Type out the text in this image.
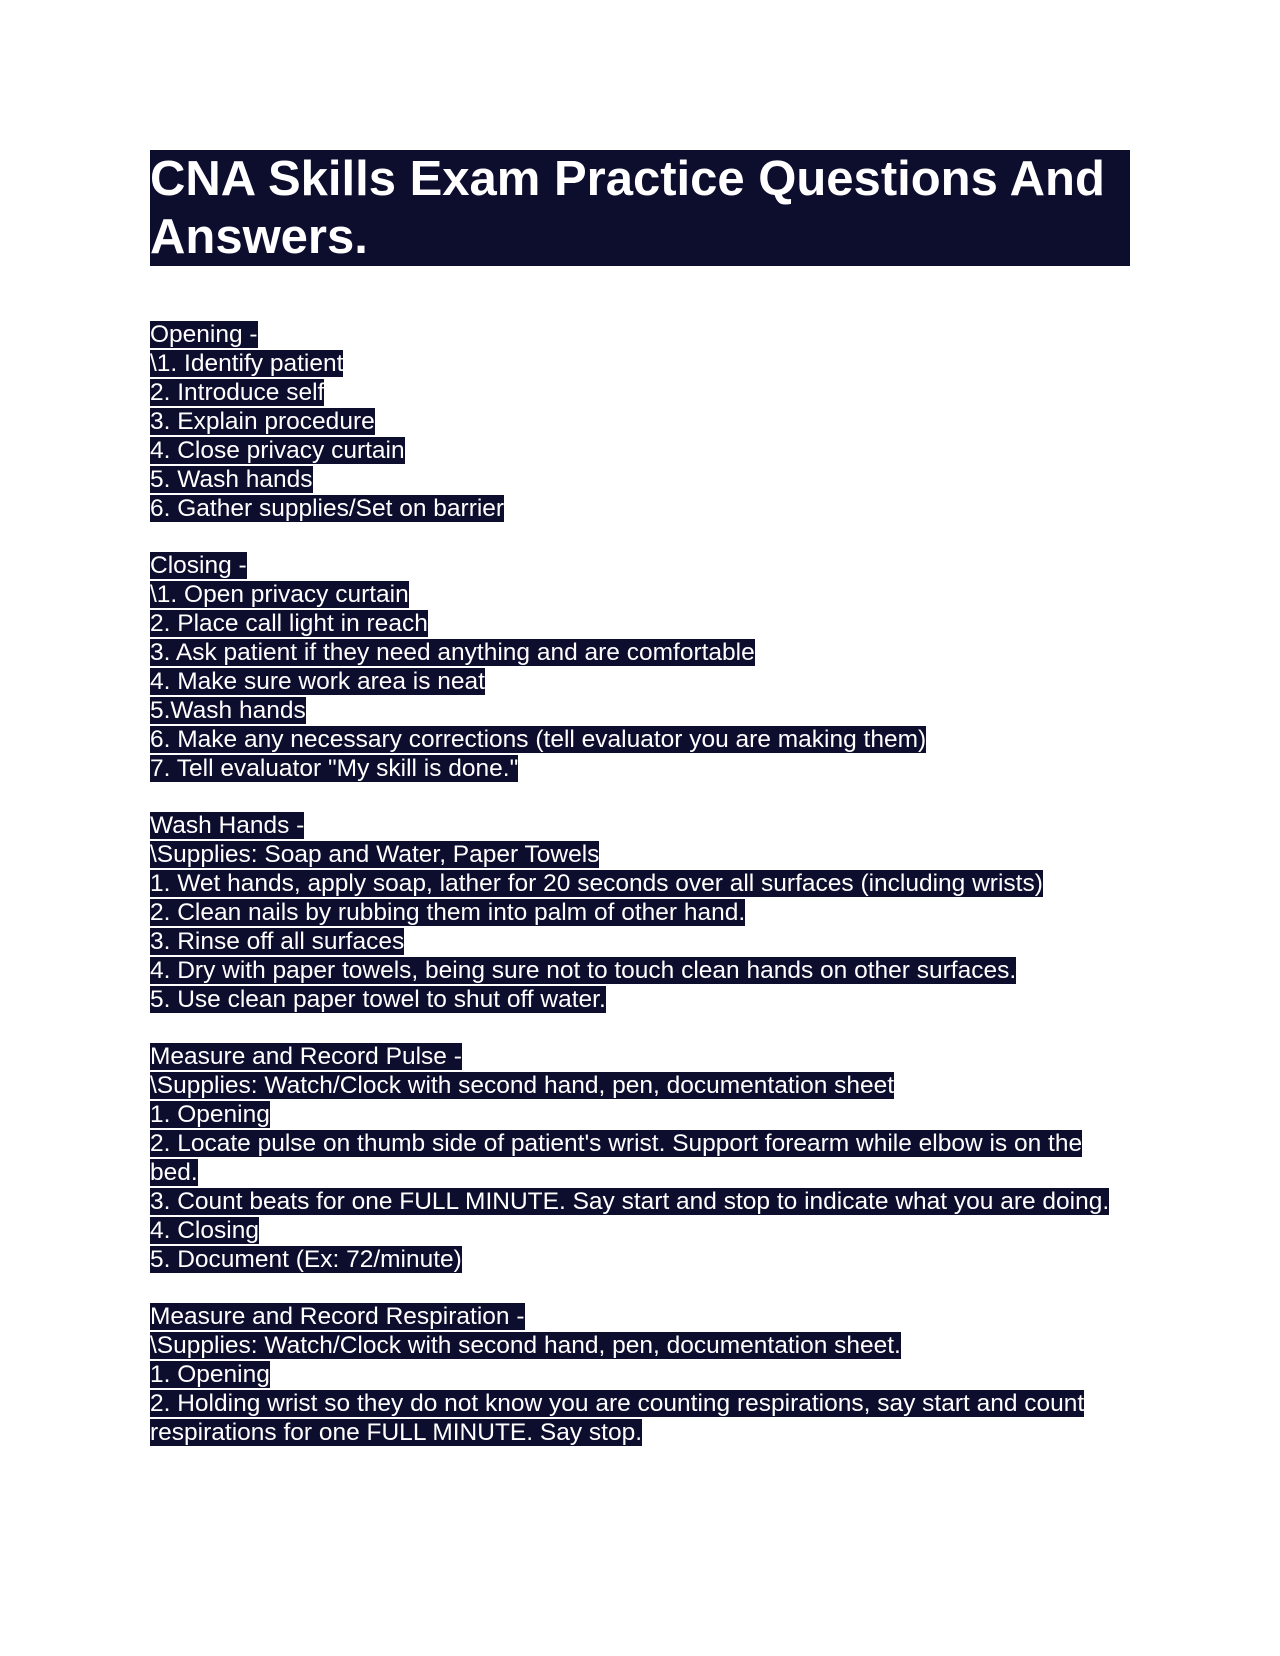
CNA Skills Exam Practice Questions And Answers.
Opening -
\1. Identify patient
2. Introduce self
3. Explain procedure
4. Close privacy curtain
5. Wash hands
6. Gather supplies/Set on barrier
Closing -
\1. Open privacy curtain
2. Place call light in reach
3. Ask patient if they need anything and are comfortable
4. Make sure work area is neat
5.Wash hands
6. Make any necessary corrections (tell evaluator you are making them)
7. Tell evaluator "My skill is done."
Wash Hands -
\Supplies: Soap and Water, Paper Towels
1. Wet hands, apply soap, lather for 20 seconds over all surfaces (including wrists)
2. Clean nails by rubbing them into palm of other hand.
3. Rinse off all surfaces
4. Dry with paper towels, being sure not to touch clean hands on other surfaces.
5. Use clean paper towel to shut off water.
Measure and Record Pulse -
\Supplies: Watch/Clock with second hand, pen, documentation sheet
1. Opening
2. Locate pulse on thumb side of patient's wrist. Support forearm while elbow is on the bed.
3. Count beats for one FULL MINUTE. Say start and stop to indicate what you are doing.
4. Closing
5. Document (Ex: 72/minute)
Measure and Record Respiration -
\Supplies: Watch/Clock with second hand, pen, documentation sheet.
1. Opening
2. Holding wrist so they do not know you are counting respirations, say start and count respirations for one FULL MINUTE. Say stop.
